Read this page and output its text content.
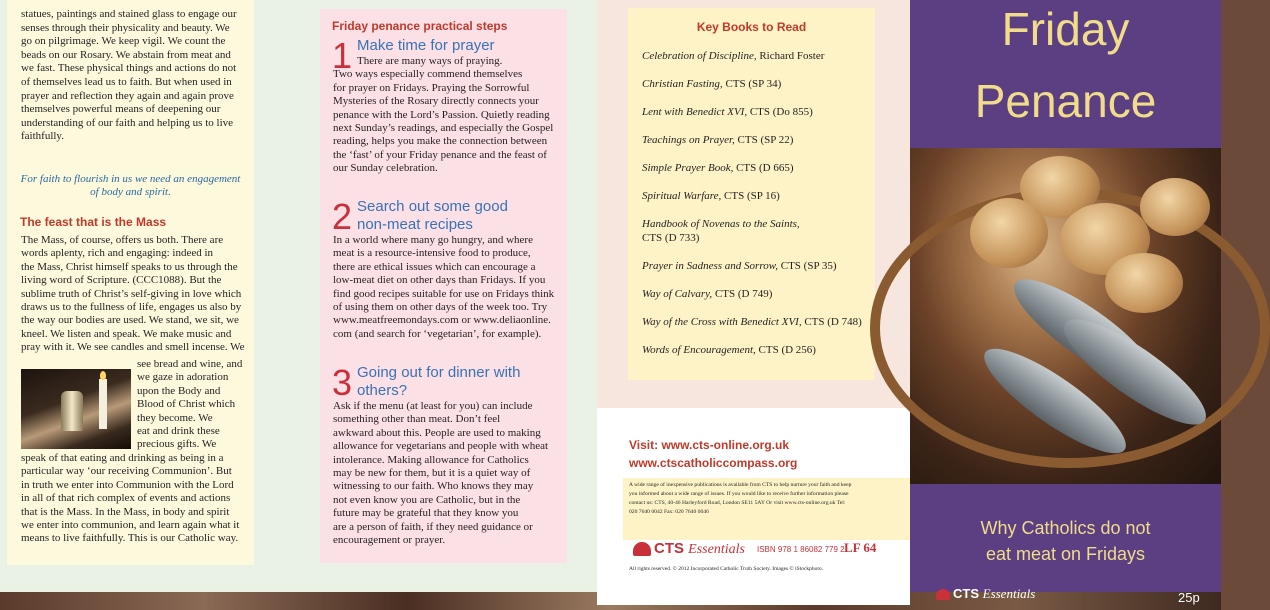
statues, paintings and stained glass to engage our
senses through their physicality and beauty. We
go on pilgrimage. We keep vigil. We count the
beads on our Rosary. We abstain from meat and
we fast. These physical things and actions do not
of themselves lead us to faith. But when used in
prayer and reflection they again and again prove
themselves powerful means of deepening our
understanding of our faith and helping us to live
faithfully.
For faith to flourish in us we need an engagement
of body and spirit.
The feast that is the Mass
The Mass, of course, offers us both. There are
words aplenty, rich and engaging: indeed in
the Mass, Christ himself speaks to us through the
living word of Scripture. (CCC1088). But the
sublime truth of Christ’s self-giving in love which
draws us to the fullness of life, engages us also by
the way our bodies are used. We stand, we sit, we
kneel. We listen and speak. We make music and
pray with it. We see candles and smell incense. We
see bread and wine, and
we gaze in adoration
upon the Body and
Blood of Christ which
they become. We
eat and drink these
precious gifts. We
speak of that eating and drinking as being in a
particular way ‘our receiving Communion’. But
in truth we enter into Communion with the Lord
in all of that rich complex of events and actions
that is the Mass. In the Mass, in body and spirit
we enter into communion, and learn again what it
means to live faithfully. This is our Catholic way.
Friday penance practical steps
1 Make time for prayer
There are many ways of praying.
Two ways especially commend themselves
for prayer on Fridays. Praying the Sorrowful
Mysteries of the Rosary directly connects your
penance with the Lord’s Passion. Quietly reading
next Sunday’s readings, and especially the Gospel
reading, helps you make the connection between
the ‘fast’ of your Friday penance and the feast of
our Sunday celebration.
2 Search out some good
non-meat recipes
In a world where many go hungry, and where
meat is a resource-intensive food to produce,
there are ethical issues which can encourage a
low-meat diet on other days than Fridays. If you
find good recipes suitable for use on Fridays think
of using them on other days of the week too. Try
www.meatfreemondays.com or www.deliaonline.
com (and search for ‘vegetarian’, for example).
3 Going out for dinner with
others?
Ask if the menu (at least for you) can include
something other than meat. Don’t feel
awkward about this. People are used to making
allowance for vegetarians and people with wheat
intolerance. Making allowance for Catholics
may be new for them, but it is a quiet way of
witnessing to our faith. Who knows they may
not even know you are Catholic, but in the
future may be grateful that they know you
are a person of faith, if they need guidance or
encouragement or prayer.
Key Books to Read
Celebration of Discipline, Richard Foster
Christian Fasting, CTS (SP 34)
Lent with Benedict XVI, CTS (Do 855)
Teachings on Prayer, CTS (SP 22)
Simple Prayer Book, CTS (D 665)
Spiritual Warfare, CTS (SP 16)
Handbook of Novenas to the Saints,
CTS (D 733)
Prayer in Sadness and Sorrow, CTS (SP 35)
Way of Calvary, CTS (D 749)
Way of the Cross with Benedict XVI, CTS (D 748)
Words of Encouragement, CTS (D 256)
Visit: www.cts-online.org.uk
www.ctscatholiccompass.org
A wide range of inexpensive publications is available from CTS to help nurture your faith and keep
you informed about a wide range of issues. If you would like to receive further information please
contact us: CTS, 40-46 Harleyford Road, London SE11 5AY Or visit www.cts-online.org.uk Tel:
020 7640 0042 Fax: 020 7640 0046
CTS Essentials ISBN 978 1 86082 779 2 LF 64
All rights reserved. © 2012 Incorporated Catholic Truth Society. Images © iStockphoto.
Friday
Penance
Why Catholics do not
eat meat on Fridays
CTS Essentials	25p
